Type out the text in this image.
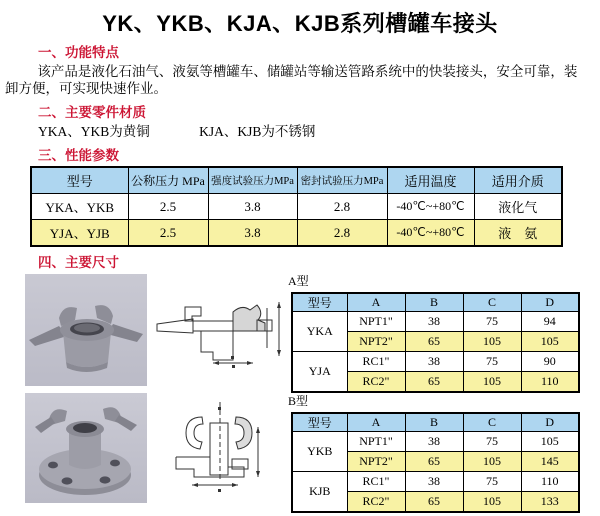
YK、YKB、KJA、KJB系列槽罐车接头
一、功能特点

该产品是液化石油气、液氨等槽罐车、储罐站等输送管路系统中的快装接头，安全可靠，装卸方便，可实现快速作业。

二、主要零件材质
YKA、YKB为黄铜	KJA、KJB为不锈钢
三、性能参数
型号	公称压力 MPa	强度试验压力MPa	密封试验压力MPa	适用温度	适用介质
YKA、YKB	2.5	3.8	2.8	-40℃~+80℃	液化气
YJA、YJB	2.5	3.8	2.8	-40℃~+80℃	液　氨
四、主要尺寸
A型
型号	A	B	C	D
YKA	NPT1"	38	75	94
	NPT2"	65	105	105
YJA	RC1"	38	75	90
	RC2"	65	105	110
B型
型号	A	B	C	D
YKB	NPT1"	38	75	105
	NPT2"	65	105	145
KJB	RC1"	38	75	110
	RC2"	65	105	133
